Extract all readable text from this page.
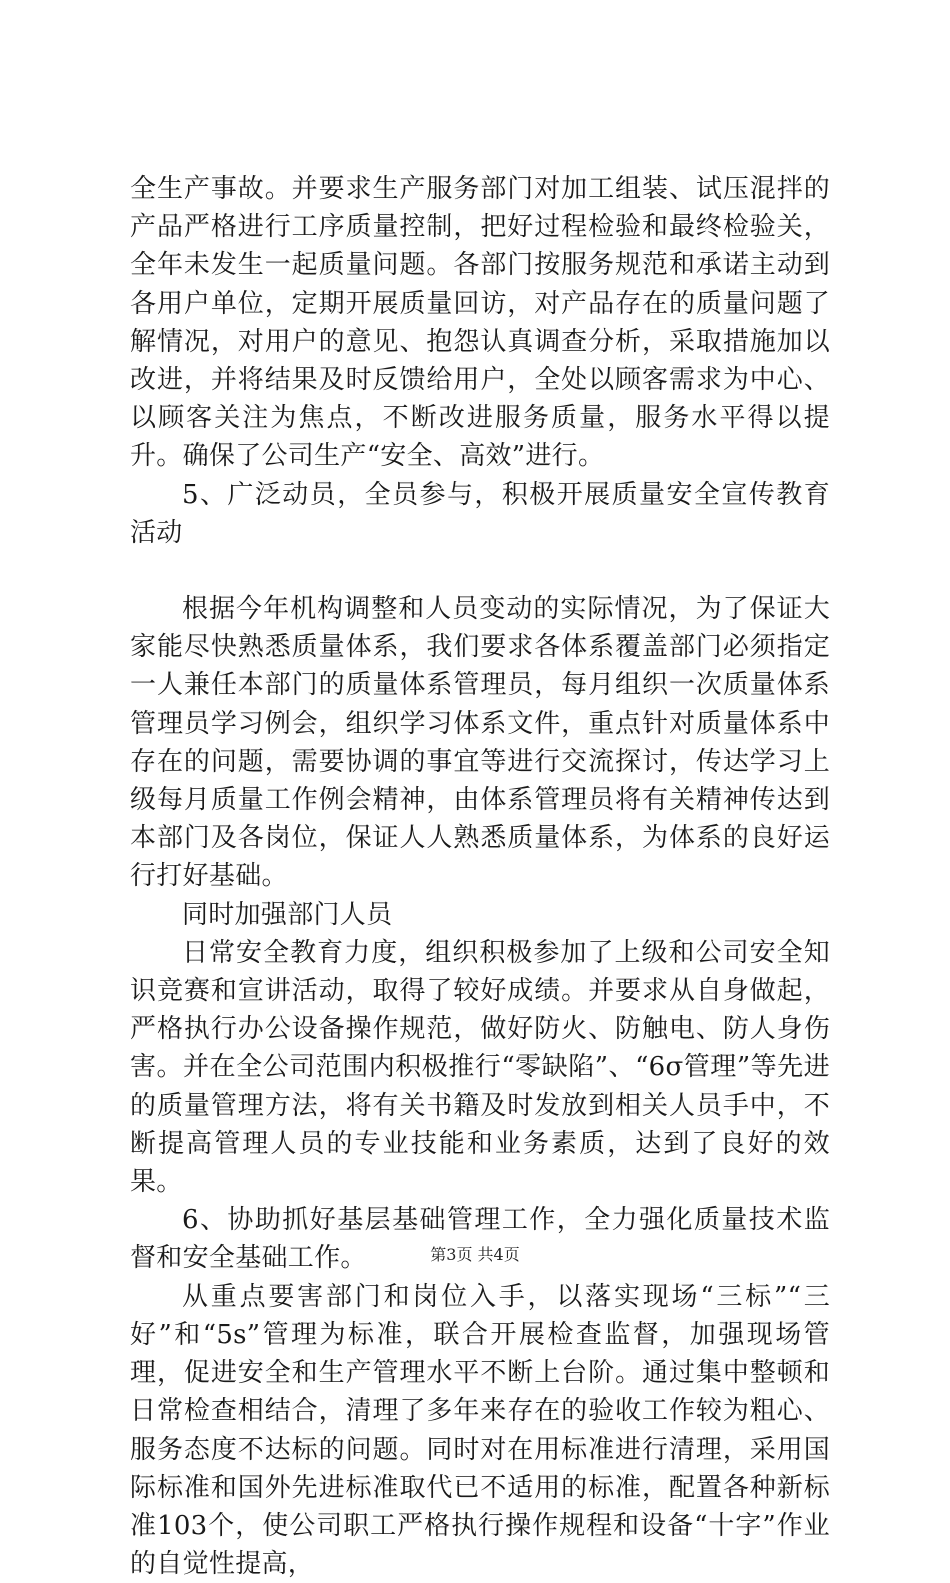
全生产事故。并要求生产服务部门对加工组装、试压混拌的产品严格进行工序质量控制，把好过程检验和最终检验关，全年未发生一起质量问题。各部门按服务规范和承诺主动到各用户单位，定期开展质量回访，对产品存在的质量问题了解情况，对用户的意见、抱怨认真调查分析，采取措施加以改进，并将结果及时反馈给用户，全处以顾客需求为中心、以顾客关注为焦点，不断改进服务质量，服务水平得以提升。确保了公司生产“安全、高效”进行。

5、广泛动员，全员参与，积极开展质量安全宣传教育活动

根据今年机构调整和人员变动的实际情况，为了保证大家能尽快熟悉质量体系，我们要求各体系覆盖部门必须指定一人兼任本部门的质量体系管理员，每月组织一次质量体系管理员学习例会，组织学习体系文件，重点针对质量体系中存在的问题，需要协调的事宜等进行交流探讨，传达学习上级每月质量工作例会精神，由体系管理员将有关精神传达到本部门及各岗位，保证人人熟悉质量体系，为体系的良好运行打好基础。

同时加强部门人员

日常安全教育力度，组织积极参加了上级和公司安全知识竞赛和宣讲活动，取得了较好成绩。并要求从自身做起，严格执行办公设备操作规范，做好防火、防触电、防人身伤害。并在全公司范围内积极推行“零缺陷”、“6σ管理”等先进的质量管理方法，将有关书籍及时发放到相关人员手中，不断提高管理人员的专业技能和业务素质，达到了良好的效果。

6、协助抓好基层基础管理工作，全力强化质量技术监督和安全基础工作。

从重点要害部门和岗位入手，以落实现场“三标”“三好”和“5s”管理为标准，联合开展检查监督，加强现场管理，促进安全和生产管理水平不断上台阶。通过集中整顿和日常检查相结合，清理了多年来存在的验收工作较为粗心、服务态度不达标的问题。同时对在用标准进行清理，采用国际标准和国外先进标准取代已不适用的标准，配置各种新标准103个，使公司职工严格执行操作规程和设备“十字”作业的自觉性提高，

第3页 共4页
